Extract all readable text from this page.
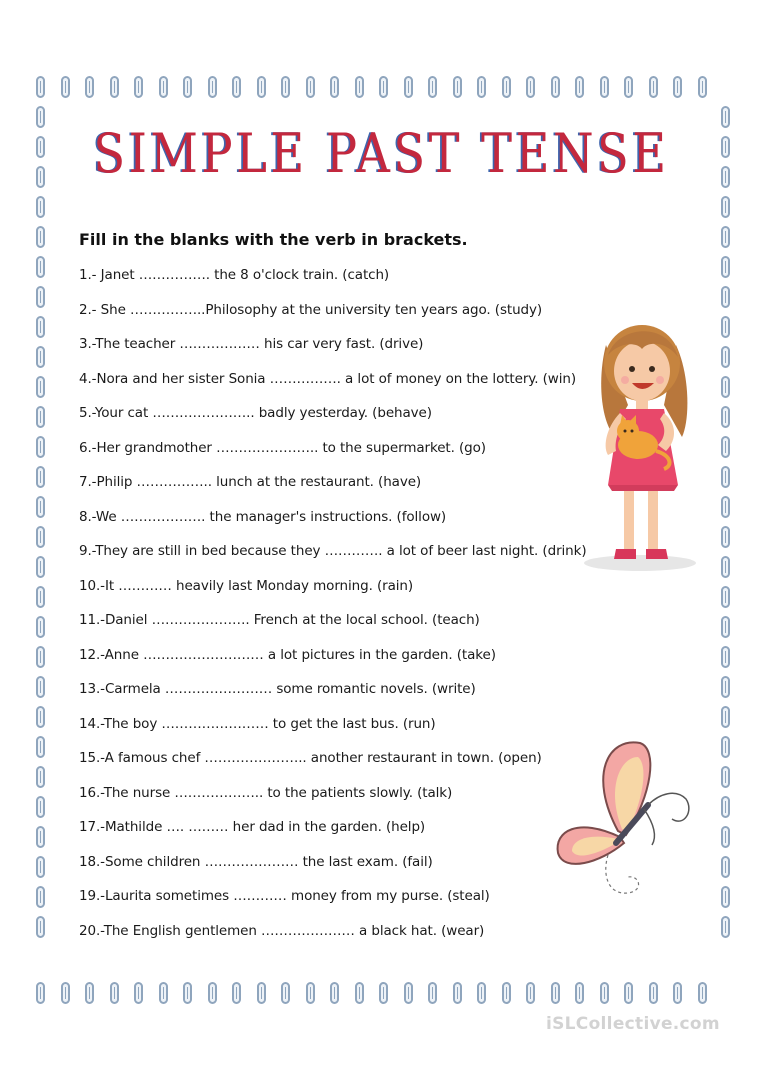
SIMPLE PAST TENSE
Fill in the blanks with the verb in brackets.
1.- Janet ……………. the 8 o'clock train. (catch)
2.- She ……………..Philosophy at the university ten years ago. (study)
3.-The teacher ……………… his car very fast. (drive)
4.-Nora and her sister Sonia ……………. a lot of money on the lottery. (win)
5.-Your cat ………………….. badly yesterday. (behave)
6.-Her grandmother ………………….. to the supermarket. (go)
7.-Philip …………….. lunch at the restaurant. (have)
8.-We ………………. the manager's instructions. (follow)
9.-They are still in bed because they …………. a lot of beer last night. (drink)
10.-It ………… heavily last Monday morning. (rain)
11.-Daniel …………………. French at the local school. (teach)
12.-Anne ……………………… a lot pictures in the garden. (take)
13.-Carmela …………………… some romantic novels. (write)
14.-The boy …………………… to get the last bus. (run)
15.-A famous chef ………………….. another restaurant in town. (open)
16.-The nurse ……………….. to the patients slowly. (talk)
17.-Mathilde …. ……… her dad in the garden. (help)
18.-Some children ………………… the last exam. (fail)
19.-Laurita sometimes ………… money from my purse. (steal)
20.-The English gentlemen ………………… a black hat. (wear)
iSLCollective.com
